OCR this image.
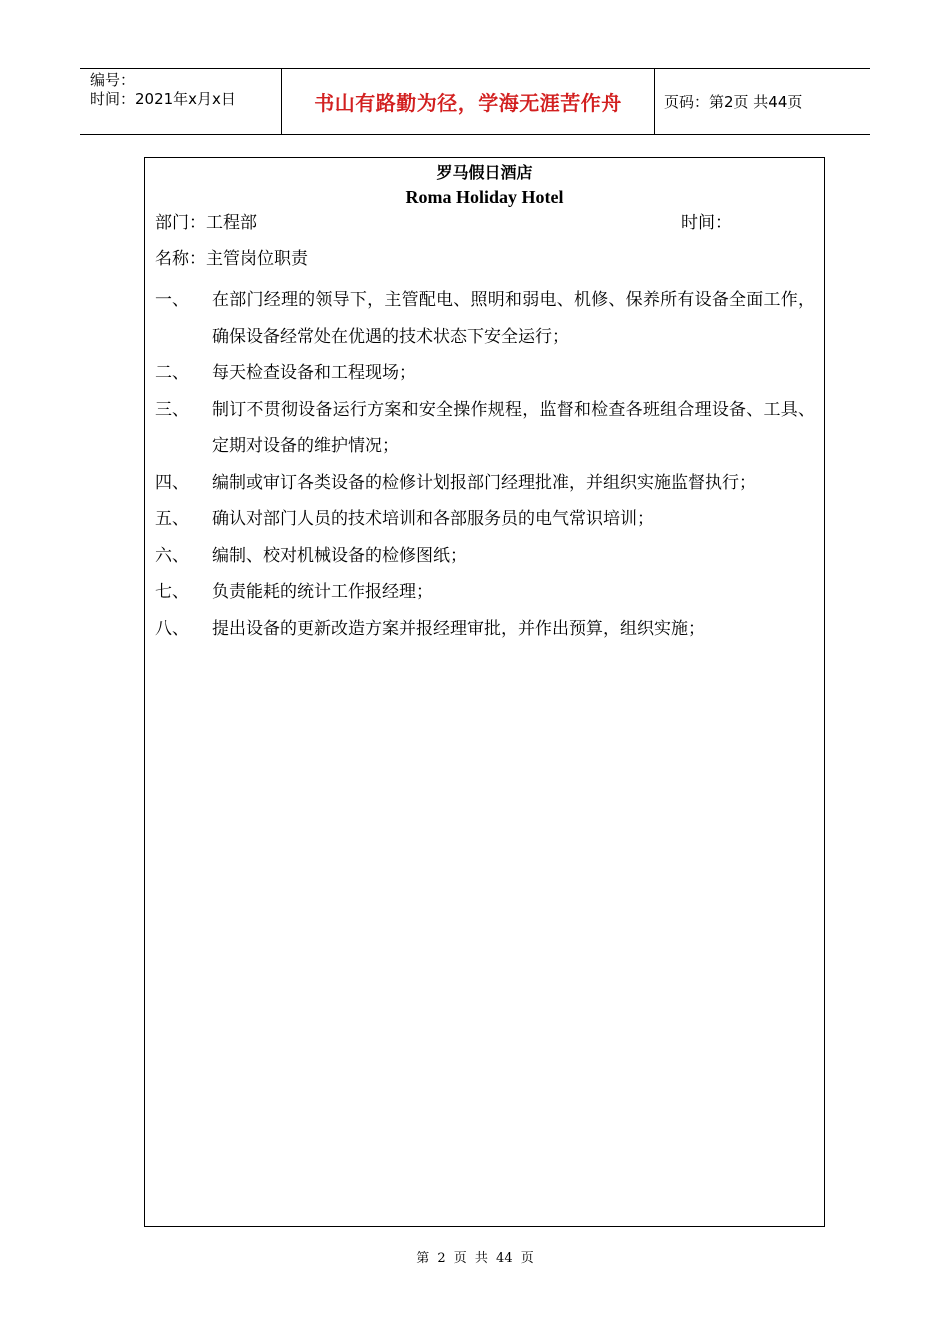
编号：
时间：2021年x月x日	书山有路勤为径，学海无涯苦作舟	页码：第2页 共44页
罗马假日酒店
Roma Holiday Hotel
部门：工程部	时间：
名称：主管岗位职责
一、	在部门经理的领导下，主管配电、照明和弱电、机修、保养所有设备全面工作，确保设备经常处在优遇的技术状态下安全运行；
二、	每天检查设备和工程现场；
三、	制订不贯彻设备运行方案和安全操作规程，监督和检查各班组合理设备、工具、定期对设备的维护情况；
四、	编制或审订各类设备的检修计划报部门经理批准，并组织实施监督执行；
五、	确认对部门人员的技术培训和各部服务员的电气常识培训；
六、	编制、校对机械设备的检修图纸；
七、	负责能耗的统计工作报经理；
八、	提出设备的更新改造方案并报经理审批，并作出预算，组织实施；
第 2 页 共 44 页
